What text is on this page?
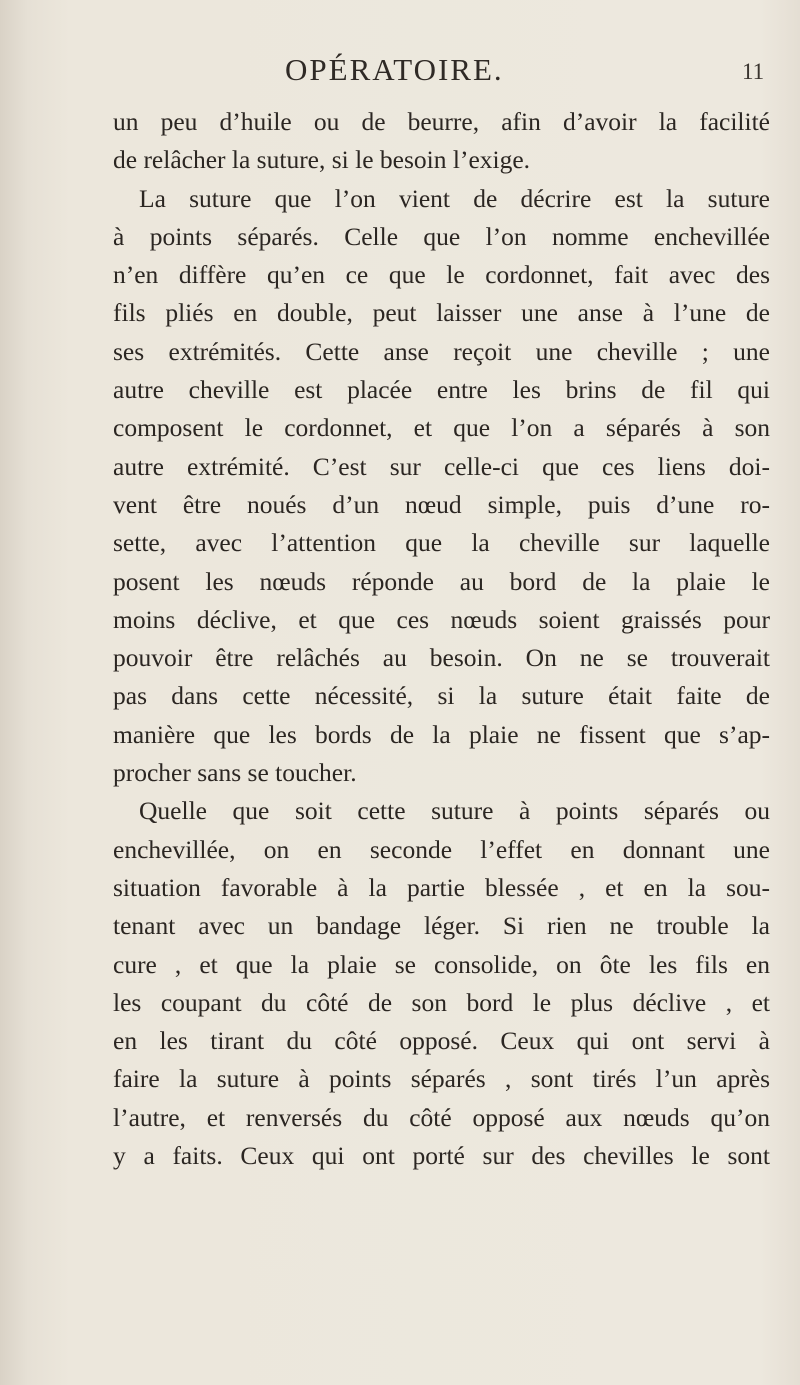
OPÉRATOIRE.	11
un peu d’huile ou de beurre, afin d’avoir la facilité
de relâcher la suture, si le besoin l’exige.
La suture que l’on vient de décrire est la suture
à points séparés. Celle que l’on nomme enchevillée
n’en diffère qu’en ce que le cordonnet, fait avec des
fils pliés en double, peut laisser une anse à l’une de
ses extrémités. Cette anse reçoit une cheville ; une
autre cheville est placée entre les brins de fil qui
composent le cordonnet, et que l’on a séparés à son
autre extrémité. C’est sur celle-ci que ces liens doi-
vent être noués d’un nœud simple, puis d’une ro-
sette, avec l’attention que la cheville sur laquelle
posent les nœuds réponde au bord de la plaie le
moins déclive, et que ces nœuds soient graissés pour
pouvoir être relâchés au besoin. On ne se trouverait
pas dans cette nécessité, si la suture était faite de
manière que les bords de la plaie ne fissent que s’ap-
procher sans se toucher.
Quelle que soit cette suture à points séparés ou
enchevillée, on en seconde l’effet en donnant une
situation favorable à la partie blessée , et en la sou-
tenant avec un bandage léger. Si rien ne trouble la
cure , et que la plaie se consolide, on ôte les fils en
les coupant du côté de son bord le plus déclive , et
en les tirant du côté opposé. Ceux qui ont servi à
faire la suture à points séparés , sont tirés l’un après
l’autre, et renversés du côté opposé aux nœuds qu’on
y a faits. Ceux qui ont porté sur des chevilles le sont
